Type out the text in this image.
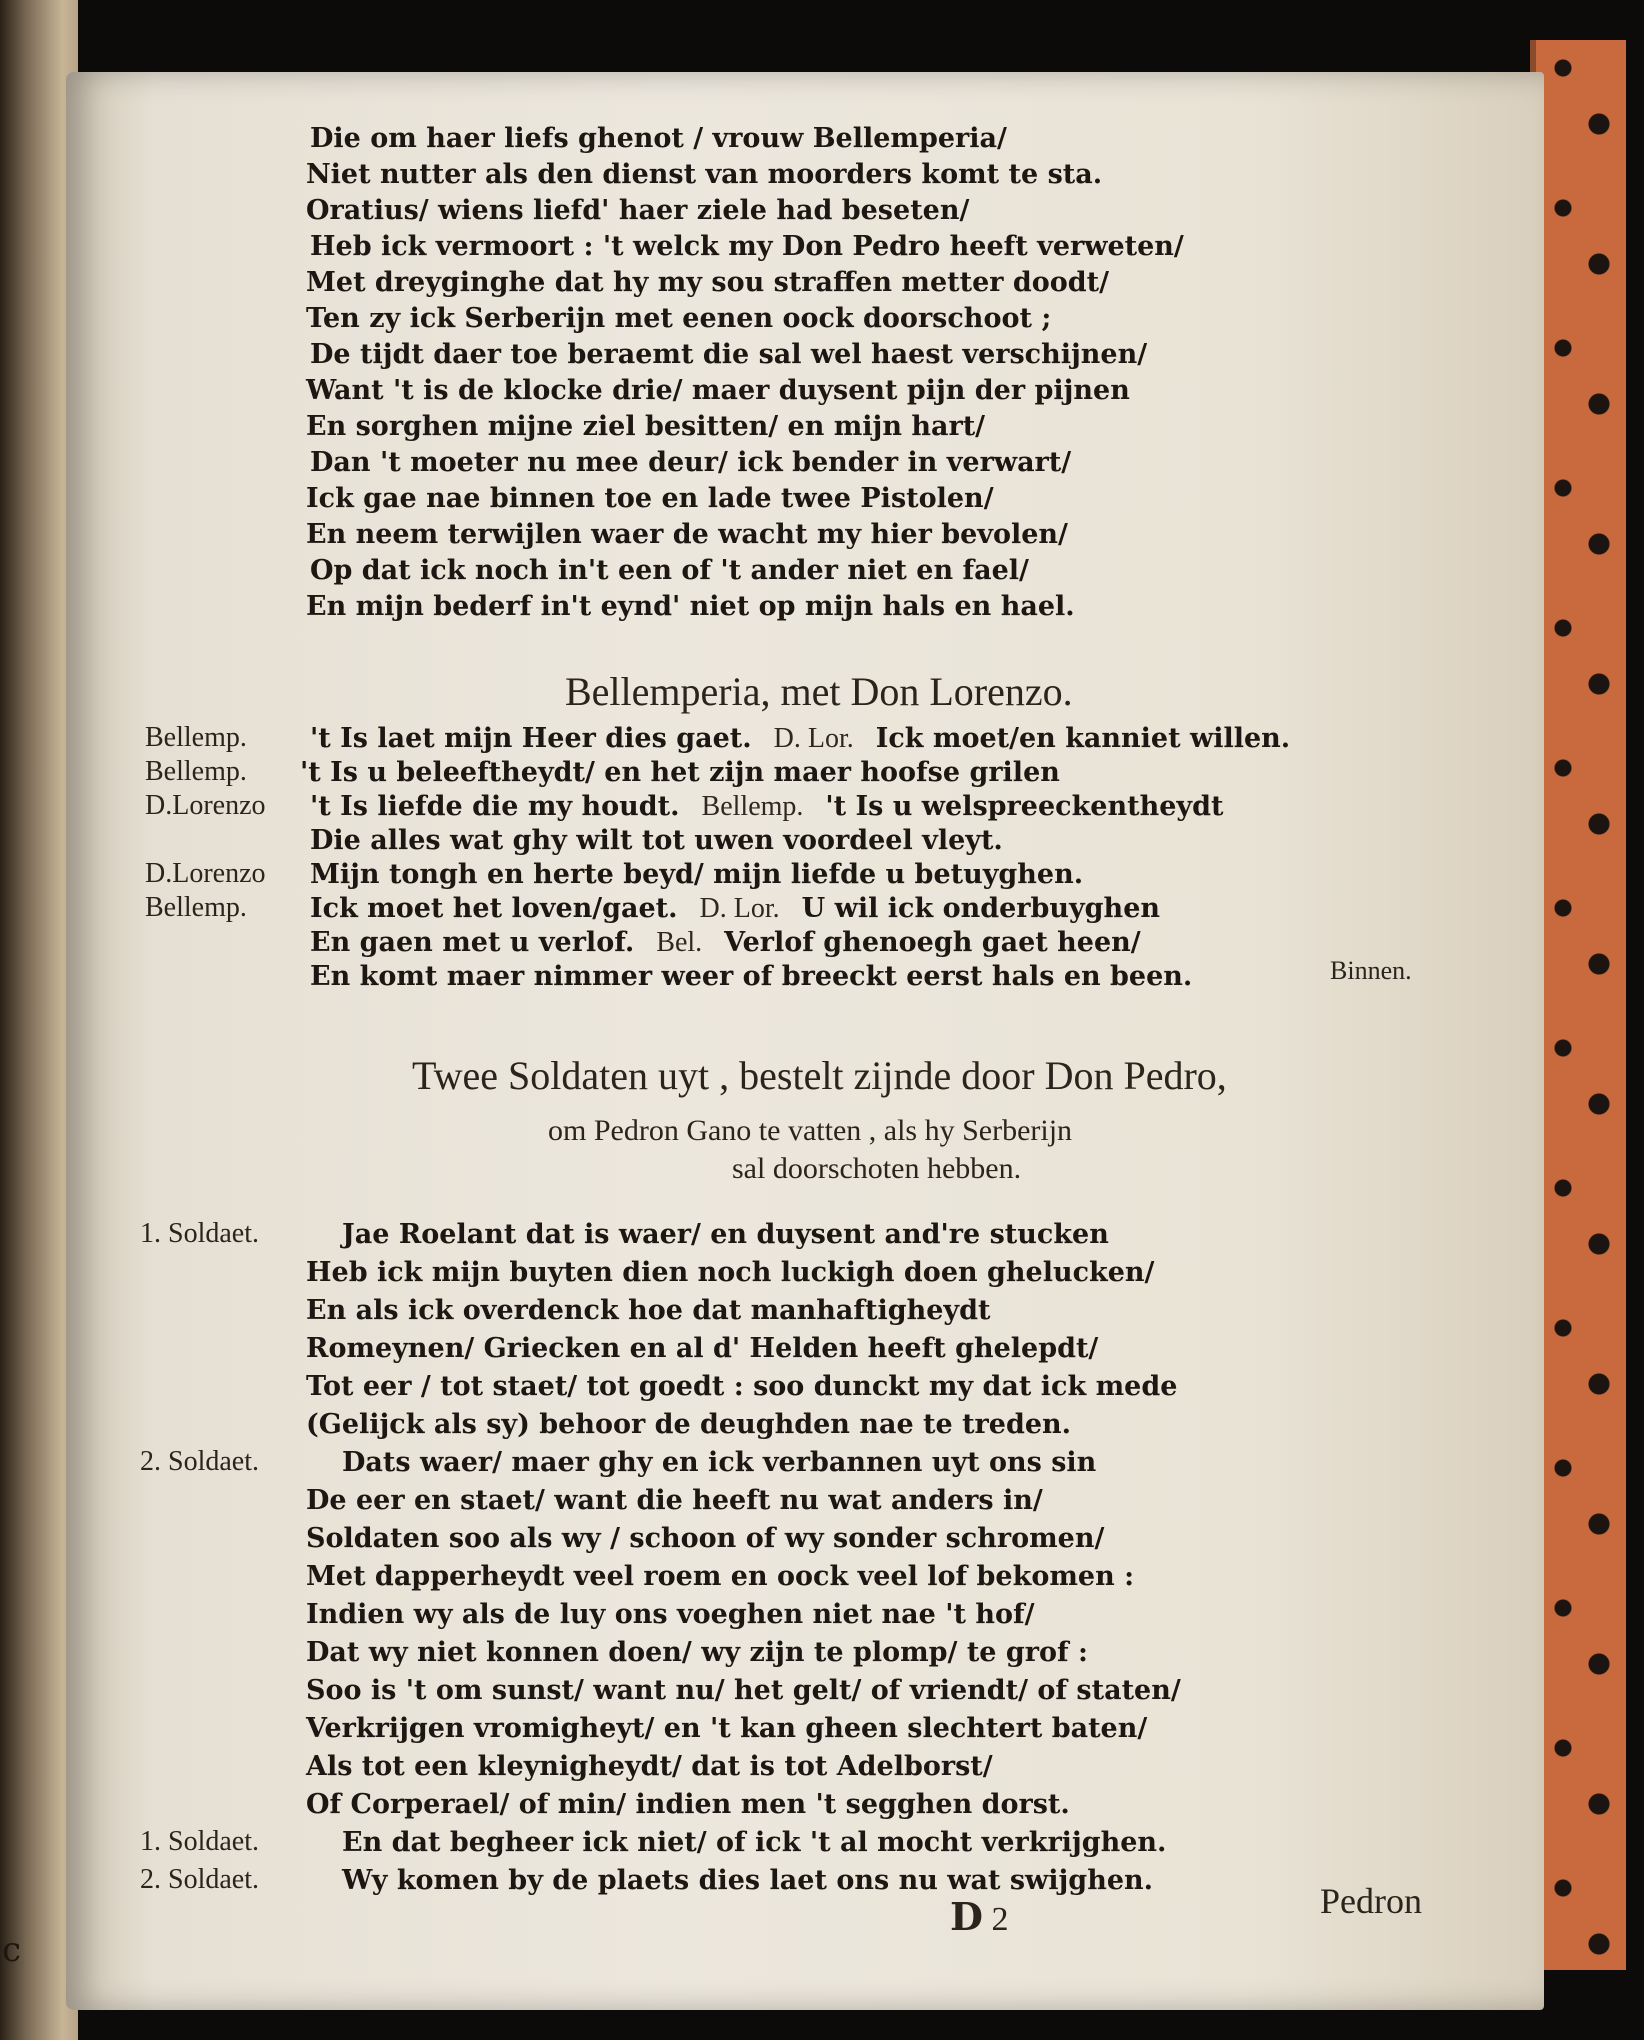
c
Die om haer liefs ghenot / vrouw Bellemperia/
Niet nutter als den dienst van moorders komt te sta.
Oratius/ wiens liefd' haer ziele had beseten/
Heb ick vermoort : 't welck my Don Pedro heeft verweten/
Met dreyginghe dat hy my sou straffen metter doodt/
Ten zy ick Serberijn met eenen oock doorschoot ;
De tijdt daer toe beraemt die sal wel haest verschijnen/
Want 't is de klocke drie/ maer duysent pijn der pijnen
En sorghen mijne ziel besitten/ en mijn hart/
Dan 't moeter nu mee deur/ ick bender in verwart/
Ick gae nae binnen toe en lade twee Pistolen/
En neem terwijlen waer de wacht my hier bevolen/
Op dat ick noch in't een of 't ander niet en fael/
En mijn bederf in't eynd' niet op mijn hals en hael.
Bellemperia, met Don Lorenzo.
Bellemp. 't Is laet mijn Heer dies gaet. D. Lor. Ick moet/en kanniet willen.
Bellemp. 't Is u beleeftheydt/ en het zijn maer hoofse grilen
D.Lorenzo 't Is liefde die my houdt. Bellemp. 't Is u welspreeckentheydt
Die alles wat ghy wilt tot uwen voordeel vleyt.
D.Lorenzo Mijn tongh en herte beyd/ mijn liefde u betuyghen.
Bellemp. Ick moet het loven/gaet. D. Lor. U wil ick onderbuyghen
En gaen met u verlof. Bel. Verlof ghenoegh gaet heen/
En komt maer nimmer weer of breeckt eerst hals en been.	Binnen.
Twee Soldaten uyt , bestelt zijnde door Don Pedro,
om Pedron Gano te vatten , als hy Serberijn
sal doorschoten hebben.
1. Soldaet.	Jae Roelant dat is waer/ en duysent and're stucken
Heb ick mijn buyten dien noch luckigh doen ghelucken/
En als ick overdenck hoe dat manhaftigheydt
Romeynen/ Griecken en al d' Helden heeft ghelepdt/
Tot eer / tot staet/ tot goedt : soo dunckt my dat ick mede
(Gelijck als sy) behoor de deughden nae te treden.
2. Soldaet.	Dats waer/ maer ghy en ick verbannen uyt ons sin
De eer en staet/ want die heeft nu wat anders in/
Soldaten soo als wy / schoon of wy sonder schromen/
Met dapperheydt veel roem en oock veel lof bekomen :
Indien wy als de luy ons voeghen niet nae 't hof/
Dat wy niet konnen doen/ wy zijn te plomp/ te grof :
Soo is 't om sunst/ want nu/ het gelt/ of vriendt/ of staten/
Verkrijgen vromigheyt/ en 't kan gheen slechtert baten/
Als tot een kleynigheydt/ dat is tot Adelborst/
Of Corperael/ of min/ indien men 't segghen dorst.
1. Soldaet.	En dat begheer ick niet/ of ick 't al mocht verkrijghen.
2. Soldaet.	Wy komen by de plaets dies laet ons nu wat swijghen.
D 2	Pedron
